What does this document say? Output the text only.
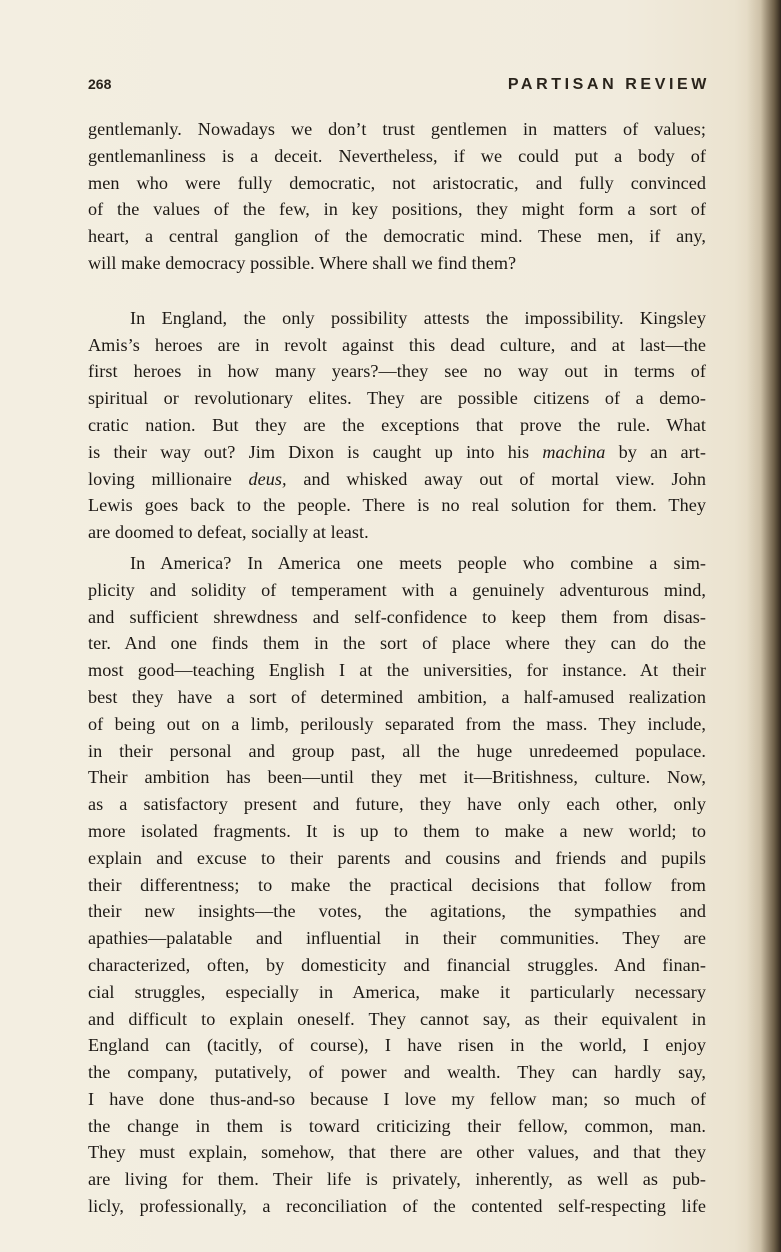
268	PARTISAN REVIEW
gentlemanly. Nowadays we don’t trust gentlemen in matters of values;
gentlemanliness is a deceit. Nevertheless, if we could put a body of
men who were fully democratic, not aristocratic, and fully convinced
of the values of the few, in key positions, they might form a sort of
heart, a central ganglion of the democratic mind. These men, if any,
will make democracy possible. Where shall we find them?
In England, the only possibility attests the impossibility. Kingsley
Amis’s heroes are in revolt against this dead culture, and at last—the
first heroes in how many years?—they see no way out in terms of
spiritual or revolutionary elites. They are possible citizens of a demo-
cratic nation. But they are the exceptions that prove the rule. What
is their way out? Jim Dixon is caught up into his machina by an art-
loving millionaire deus, and whisked away out of mortal view. John
Lewis goes back to the people. There is no real solution for them. They
are doomed to defeat, socially at least.
In America? In America one meets people who combine a sim-
plicity and solidity of temperament with a genuinely adventurous mind,
and sufficient shrewdness and self-confidence to keep them from disas-
ter. And one finds them in the sort of place where they can do the
most good—teaching English I at the universities, for instance. At their
best they have a sort of determined ambition, a half-amused realization
of being out on a limb, perilously separated from the mass. They include,
in their personal and group past, all the huge unredeemed populace.
Their ambition has been—until they met it—Britishness, culture. Now,
as a satisfactory present and future, they have only each other, only
more isolated fragments. It is up to them to make a new world; to
explain and excuse to their parents and cousins and friends and pupils
their differentness; to make the practical decisions that follow from
their new insights—the votes, the agitations, the sympathies and
apathies—palatable and influential in their communities. They are
characterized, often, by domesticity and financial struggles. And finan-
cial struggles, especially in America, make it particularly necessary
and difficult to explain oneself. They cannot say, as their equivalent in
England can (tacitly, of course), I have risen in the world, I enjoy
the company, putatively, of power and wealth. They can hardly say,
I have done thus-and-so because I love my fellow man; so much of
the change in them is toward criticizing their fellow, common, man.
They must explain, somehow, that there are other values, and that they
are living for them. Their life is privately, inherently, as well as pub-
licly, professionally, a reconciliation of the contented self-respecting life
